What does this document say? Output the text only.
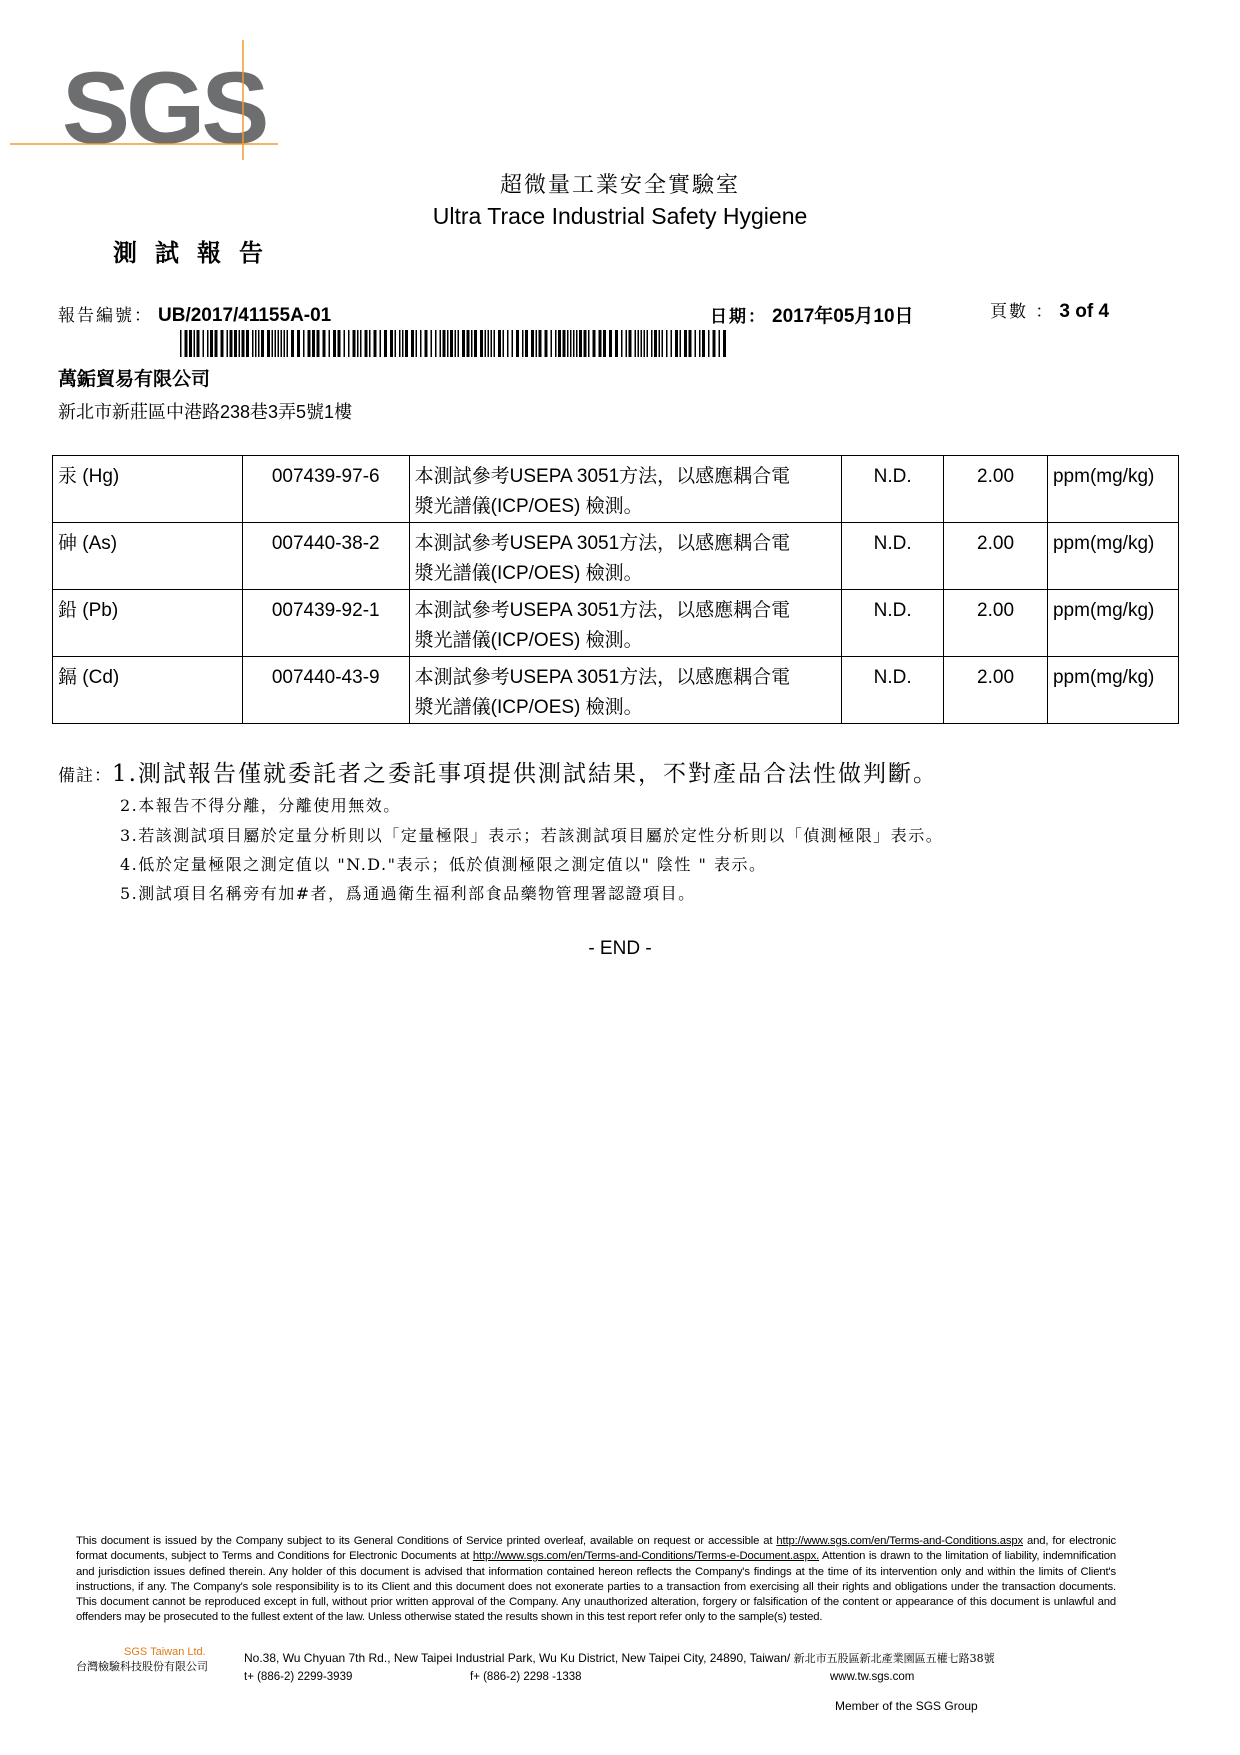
SGS
超微量工業安全實驗室
Ultra Trace Industrial Safety Hygiene
測試報告
報告編號： UB/2017/41155A-01	日期： 2017年05月10日	頁數 ： 3 of 4
萬銗貿易有限公司
新北市新莊區中港路238巷3弄5號1樓
汞 (Hg)	007439-97-6	本測試參考USEPA 3051方法，以感應耦合電
漿光譜儀(ICP/OES) 檢測。	N.D.	2.00	ppm(mg/kg)
砷 (As)	007440-38-2	本測試參考USEPA 3051方法，以感應耦合電
漿光譜儀(ICP/OES) 檢測。	N.D.	2.00	ppm(mg/kg)
鉛 (Pb)	007439-92-1	本測試參考USEPA 3051方法，以感應耦合電
漿光譜儀(ICP/OES) 檢測。	N.D.	2.00	ppm(mg/kg)
鎘 (Cd)	007440-43-9	本測試參考USEPA 3051方法，以感應耦合電
漿光譜儀(ICP/OES) 檢測。	N.D.	2.00	ppm(mg/kg)
備註：1.測試報告僅就委託者之委託事項提供測試結果，不對產品合法性做判斷。
2.本報告不得分離，分離使用無效。
3.若該測試項目屬於定量分析則以「定量極限」表示；若該測試項目屬於定性分析則以「偵測極限」表示。
4.低於定量極限之測定值以 "N.D."表示；低於偵測極限之測定值以" 陰性 " 表示。
5.測試項目名稱旁有加#者，爲通過衛生福利部食品藥物管理署認證項目。
- END -
This document is issued by the Company subject to its General Conditions of Service printed overleaf, available on request or accessible at http://www.sgs.com/en/Terms-and-Conditions.aspx and, for electronic format documents, subject to Terms and Conditions for Electronic Documents at http://www.sgs.com/en/Terms-and-Conditions/Terms-e-Document.aspx. Attention is drawn to the limitation of liability, indemnification and jurisdiction issues defined therein. Any holder of this document is advised that information contained hereon reflects the Company's findings at the time of its intervention only and within the limits of Client's instructions, if any. The Company's sole responsibility is to its Client and this document does not exonerate parties to a transaction from exercising all their rights and obligations under the transaction documents. This document cannot be reproduced except in full, without prior written approval of the Company. Any unauthorized alteration, forgery or falsification of the content or appearance of this document is unlawful and offenders may be prosecuted to the fullest extent of the law. Unless otherwise stated the results shown in this test report refer only to the sample(s) tested.
SGS Taiwan Ltd.
台灣檢驗科技股份有限公司
No.38, Wu Chyuan 7th Rd., New Taipei Industrial Park, Wu Ku District, New Taipei City, 24890, Taiwan/ 新北市五股區新北產業園區五權七路38號
t+ (886-2) 2299-3939	f+ (886-2) 2298 -1338	www.tw.sgs.com
Member of the SGS Group
